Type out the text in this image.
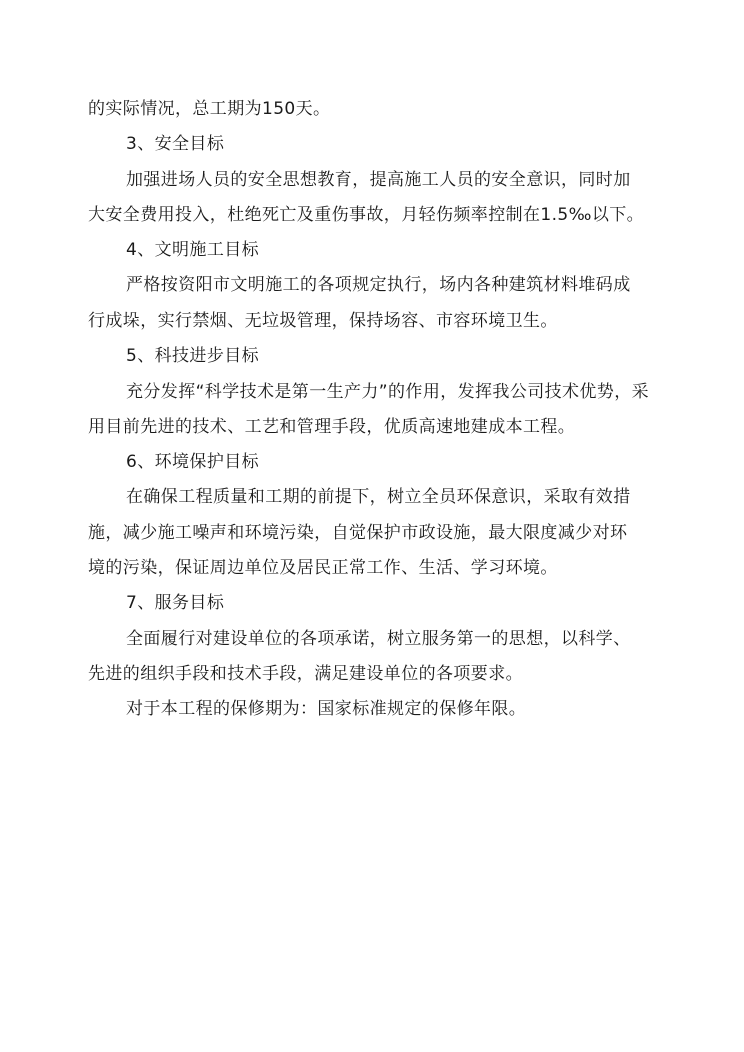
的实际情况，总工期为150天。
3、安全目标
加强进场人员的安全思想教育，提高施工人员的安全意识，同时加
大安全费用投入，杜绝死亡及重伤事故，月轻伤频率控制在1.5‰以下。
4、文明施工目标
严格按资阳市文明施工的各项规定执行，场内各种建筑材料堆码成
行成垛，实行禁烟、无垃圾管理，保持场容、市容环境卫生。
5、科技进步目标
充分发挥“科学技术是第一生产力”的作用，发挥我公司技术优势，采
用目前先进的技术、工艺和管理手段，优质高速地建成本工程。
6、环境保护目标
在确保工程质量和工期的前提下，树立全员环保意识，采取有效措
施，减少施工噪声和环境污染，自觉保护市政设施，最大限度减少对环
境的污染，保证周边单位及居民正常工作、生活、学习环境。
7、服务目标
全面履行对建设单位的各项承诺，树立服务第一的思想，以科学、
先进的组织手段和技术手段，满足建设单位的各项要求。
对于本工程的保修期为：国家标准规定的保修年限。
